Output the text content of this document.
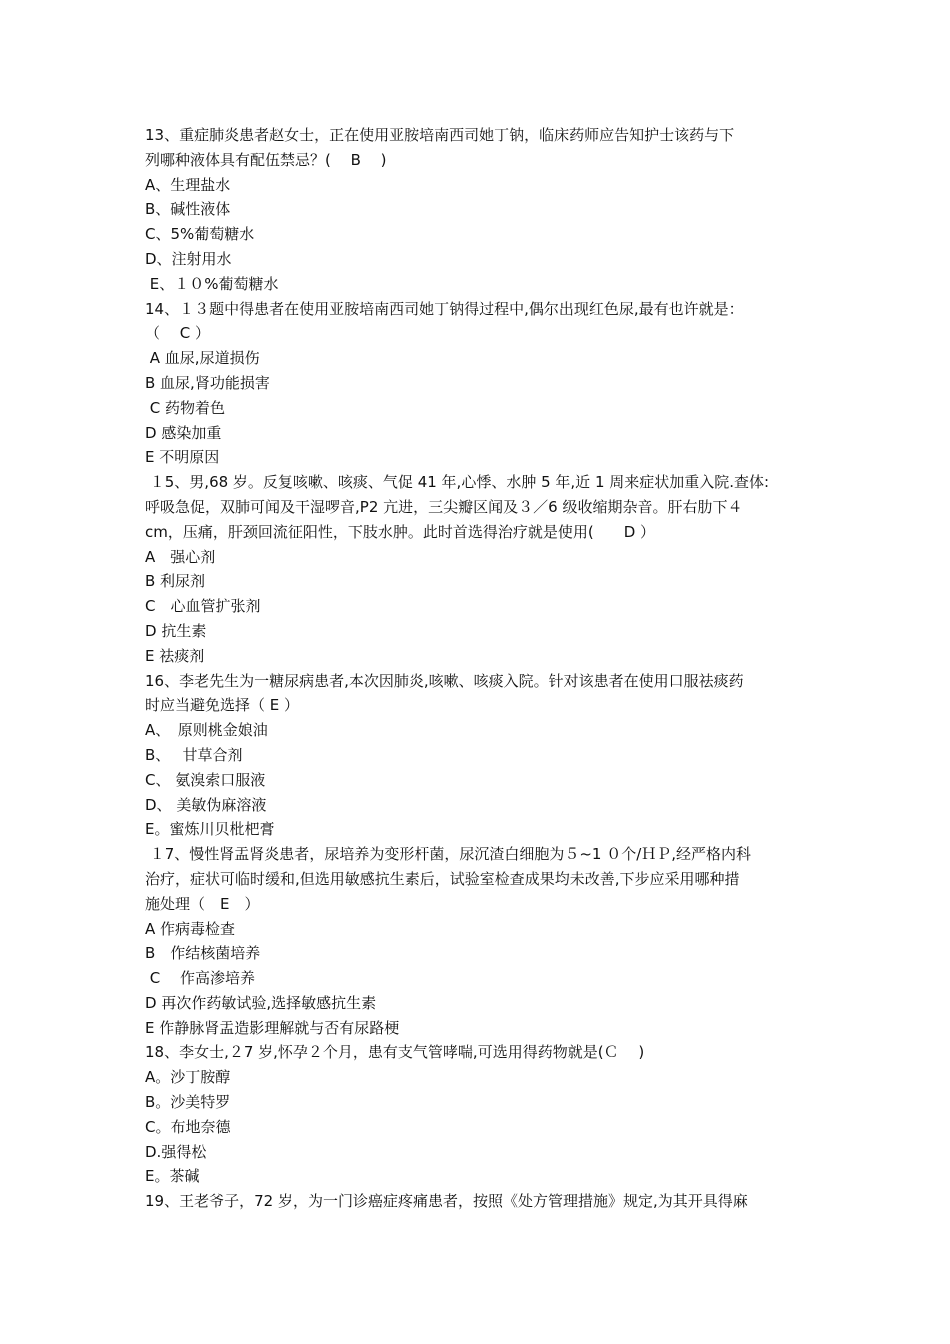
13、重症肺炎患者赵女士，正在使用亚胺培南西司她丁钠，临床药师应告知护士该药与下
列哪种液体具有配伍禁忌？(　 B　 )
A、生理盐水
B、碱性液体
C、5%葡萄糖水
D、注射用水
E、１０%葡萄糖水
14、１３题中得患者在使用亚胺培南西司她丁钠得过程中,偶尔出现红色尿,最有也许就是：
（　 C ）
A 血尿,尿道损伤
B 血尿,肾功能损害
C 药物着色
D 感染加重
E 不明原因
１5、男,68 岁。反复咳嗽、咳痰、气促 41 年,心悸、水肿 5 年,近 1 周来症状加重入院.查体:
呼吸急促，双肺可闻及干湿啰音,P2 亢进，三尖瓣区闻及３／6 级收缩期杂音。肝右肋下４
cm，压痛，肝颈回流征阳性，下肢水肿。此时首选得治疗就是使用(　　D ）
A　强心剂
B 利尿剂
C　心血管扩张剂
D 抗生素
E 祛痰剂
16、李老先生为一糖尿病患者,本次因肺炎,咳嗽、咳痰入院。针对该患者在使用口服祛痰药
时应当避免选择（ E ）
A、　原则桃金娘油
B、　 甘草合剂
C、 氨溴索口服液
D、 美敏伪麻溶液
E。蜜炼川贝枇杷膏
１7、慢性肾盂肾炎患者，尿培养为变形杆菌，尿沉渣白细胞为５~1 ０个/ＨＰ,经严格内科
治疗，症状可临时缓和,但选用敏感抗生素后，试验室检查成果均未改善,下步应采用哪种措
施处理（　E　）
A 作病毒检查
B　作结核菌培养
C　 作高渗培养
D 再次作药敏试验,选择敏感抗生素
E 作静脉肾盂造影理解就与否有尿路梗
18、李女士,２7 岁,怀孕２个月，患有支气管哮喘,可选用得药物就是(Ｃ　 )
A。沙丁胺醇
B。沙美特罗
C。布地奈德
D.强得松
E。茶碱
19、王老爷子，72 岁，为一门诊癌症疼痛患者，按照《处方管理措施》规定,为其开具得麻
